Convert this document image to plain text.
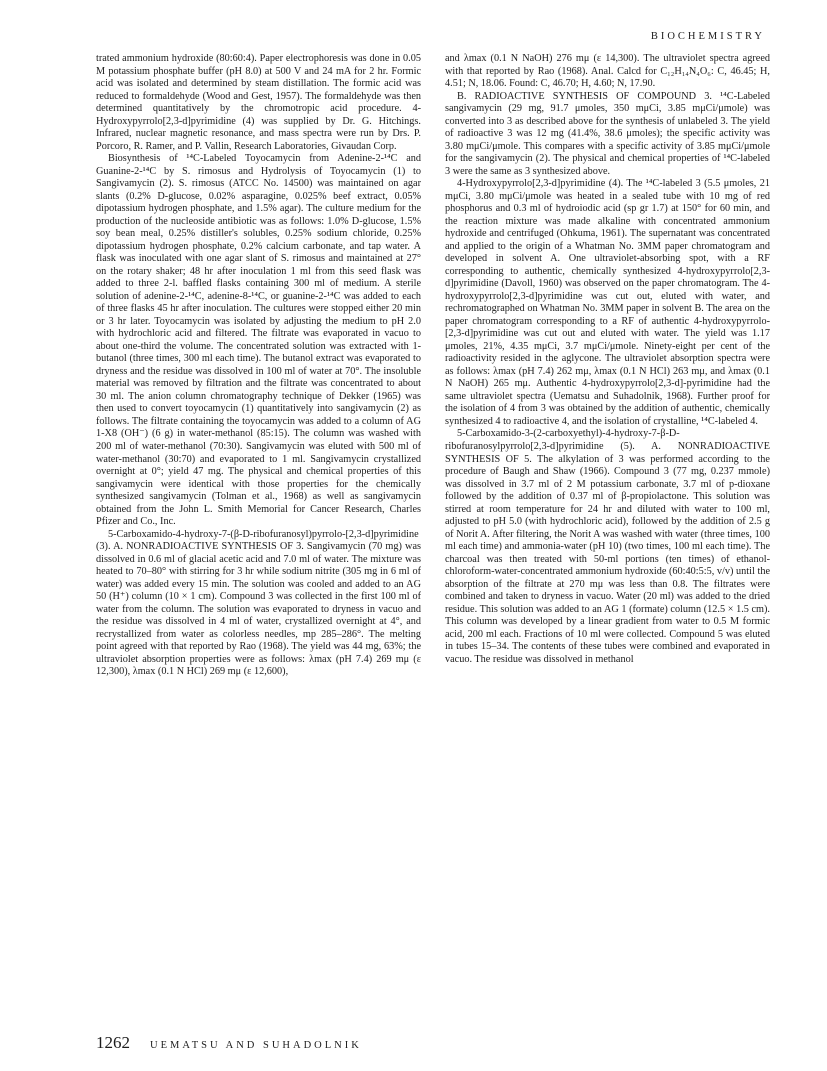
BIOCHEMISTRY

trated ammonium hydroxide (80:60:4). Paper electrophoresis was done in 0.05 M potassium phosphate buffer (pH 8.0) at 500 V and 24 mA for 2 hr. Formic acid was isolated and determined by steam distillation. The formic acid was reduced to formaldehyde (Wood and Gest, 1957). The formaldehyde was then determined quantitatively by the chromotropic acid procedure. 4-Hydroxypyrrolo[2,3-d]pyrimidine (4) was supplied by Dr. G. Hitchings. Infrared, nuclear magnetic resonance, and mass spectra were run by Drs. P. Porcoro, R. Ramer, and P. Vallin, Research Laboratories, Givaudan Corp.

Biosynthesis of ¹⁴C-Labeled Toyocamycin from Adenine-2-¹⁴C and Guanine-2-¹⁴C by S. rimosus and Hydrolysis of Toyocamycin (1) to Sangivamycin (2). S. rimosus (ATCC No. 14500) was maintained on agar slants (0.2% D-glucose, 0.02% asparagine, 0.025% beef extract, 0.05% dipotassium hydrogen phosphate, and 1.5% agar). The culture medium for the production of the nucleoside antibiotic was as follows: 1.0% D-glucose, 1.5% soy bean meal, 0.25% distiller's solubles, 0.25% sodium chloride, 0.25% dipotassium hydrogen phosphate, 0.2% calcium carbonate, and tap water. A flask was inoculated with one agar slant of S. rimosus and maintained at 27° on the rotary shaker; 48 hr after inoculation 1 ml from this seed flask was added to three 2-l. baffled flasks containing 300 ml of medium. A sterile solution of adenine-2-¹⁴C, adenine-8-¹⁴C, or guanine-2-¹⁴C was added to each of three flasks 45 hr after inoculation. The cultures were stopped either 20 min or 3 hr later. Toyocamycin was isolated by adjusting the medium to pH 2.0 with hydrochloric acid and filtered. The filtrate was evaporated in vacuo to about one-third the volume. The concentrated solution was extracted with 1-butanol (three times, 300 ml each time). The butanol extract was evaporated to dryness and the residue was dissolved in 100 ml of water at 70°. The insoluble material was removed by filtration and the filtrate was concentrated to about 30 ml. The anion column chromatography technique of Dekker (1965) was then used to convert toyocamycin (1) quantitatively into sangivamycin (2) as follows. The filtrate containing the toyocamycin was added to a column of AG 1-X8 (OH⁻) (6 g) in water-methanol (85:15). The column was washed with 200 ml of water-methanol (70:30). Sangivamycin was eluted with 500 ml of water-methanol (30:70) and evaporated to 1 ml. Sangivamycin crystallized overnight at 0°; yield 47 mg. The physical and chemical properties of this sangivamycin were identical with those properties for the chemically synthesized sangivamycin (Tolman et al., 1968) as well as sangivamycin obtained from the John L. Smith Memorial for Cancer Research, Charles Pfizer and Co., Inc.

5-Carboxamido-4-hydroxy-7-(β-D-ribofuranosyl)pyrrolo-[2,3-d]pyrimidine (3). A. NONRADIOACTIVE SYNTHESIS OF 3. Sangivamycin (70 mg) was dissolved in 0.6 ml of glacial acetic acid and 7.0 ml of water. The mixture was heated to 70–80° with stirring for 3 hr while sodium nitrite (305 mg in 6 ml of water) was added every 15 min. The solution was cooled and added to an AG 50 (H⁺) column (10 × 1 cm). Compound 3 was collected in the first 100 ml of water from the column. The solution was evaporated to dryness in vacuo and the residue was dissolved in 4 ml of water, crystallized overnight at 4°, and recrystallized from water as colorless needles, mp 285–286°. The melting point agreed with that reported by Rao (1968). The yield was 44 mg, 63%; the ultraviolet absorption properties were as follows: λmax (pH 7.4) 269 mμ (ε 12,300), λmax (0.1 N HCl) 269 mμ (ε 12,600),

and λmax (0.1 N NaOH) 276 mμ (ε 14,300). The ultraviolet spectra agreed with that reported by Rao (1968). Anal. Calcd for C₁₂H₁₄N₄O₆: C, 46.45; H, 4.51; N, 18.06. Found: C, 46.70; H, 4.60; N, 17.90.

B. RADIOACTIVE SYNTHESIS OF COMPOUND 3. ¹⁴C-Labeled sangivamycin (29 mg, 91.7 μmoles, 350 mμCi, 3.85 mμCi/μmole) was converted into 3 as described above for the synthesis of unlabeled 3. The yield of radioactive 3 was 12 mg (41.4%, 38.6 μmoles); the specific activity was 3.80 mμCi/μmole. This compares with a specific activity of 3.85 mμCi/μmole for the sangivamycin (2). The physical and chemical properties of ¹⁴C-labeled 3 were the same as 3 synthesized above.

4-Hydroxypyrrolo[2,3-d]pyrimidine (4). The ¹⁴C-labeled 3 (5.5 μmoles, 21 mμCi, 3.80 mμCi/μmole was heated in a sealed tube with 10 mg of red phosphorus and 0.3 ml of hydroiodic acid (sp gr 1.7) at 150° for 60 min, and the reaction mixture was made alkaline with concentrated ammonium hydroxide and centrifuged (Ohkuma, 1961). The supernatant was concentrated and applied to the origin of a Whatman No. 3MM paper chromatogram and developed in solvent A. One ultraviolet-absorbing spot, with a RF corresponding to authentic, chemically synthesized 4-hydroxypyrrolo[2,3-d]pyrimidine (Davoll, 1960) was observed on the paper chromatogram. The 4-hydroxypyrrolo[2,3-d]pyrimidine was cut out, eluted with water, and rechromatographed on Whatman No. 3MM paper in solvent B. The area on the paper chromatogram corresponding to a RF of authentic 4-hydroxypyrrolo-[2,3-d]pyrimidine was cut out and eluted with water. The yield was 1.17 μmoles, 21%, 4.35 mμCi, 3.7 mμCi/μmole. Ninety-eight per cent of the radioactivity resided in the aglycone. The ultraviolet absorption spectra were as follows: λmax (pH 7.4) 262 mμ, λmax (0.1 N HCl) 263 mμ, and λmax (0.1 N NaOH) 265 mμ. Authentic 4-hydroxypyrrolo[2,3-d]-pyrimidine had the same ultraviolet spectra (Uematsu and Suhadolnik, 1968). Further proof for the isolation of 4 from 3 was obtained by the addition of authentic, chemically synthesized 4 to radioactive 4, and the isolation of crystalline, ¹⁴C-labeled 4.

5-Carboxamido-3-(2-carboxyethyl)-4-hydroxy-7-β-D-ribofuranosylpyrrolo[2,3-d]pyrimidine (5). A. NONRADIOACTIVE SYNTHESIS OF 5. The alkylation of 3 was performed according to the procedure of Baugh and Shaw (1966). Compound 3 (77 mg, 0.237 mmole) was dissolved in 3.7 ml of 2 M potassium carbonate, 3.7 ml of p-dioxane followed by the addition of 0.37 ml of β-propiolactone. This solution was stirred at room temperature for 24 hr and diluted with water to 100 ml, adjusted to pH 5.0 (with hydrochloric acid), followed by the addition of 2.5 g of Norit A. After filtering, the Norit A was washed with water (three times, 100 ml each time) and ammonia-water (pH 10) (two times, 100 ml each time). The charcoal was then treated with 50-ml portions (ten times) of ethanol-chloroform-water-concentrated ammonium hydroxide (60:40:5:5, v/v) until the absorption of the filtrate at 270 mμ was less than 0.8. The filtrates were combined and taken to dryness in vacuo. Water (20 ml) was added to the dried residue. This solution was added to an AG 1 (formate) column (12.5 × 1.5 cm). This column was developed by a linear gradient from water to 0.5 M formic acid, 200 ml each. Fractions of 10 ml were collected. Compound 5 was eluted in tubes 15–34. The contents of these tubes were combined and evaporated in vacuo. The residue was dissolved in methanol

1262 UEMATSU AND SUHADOLNIK
